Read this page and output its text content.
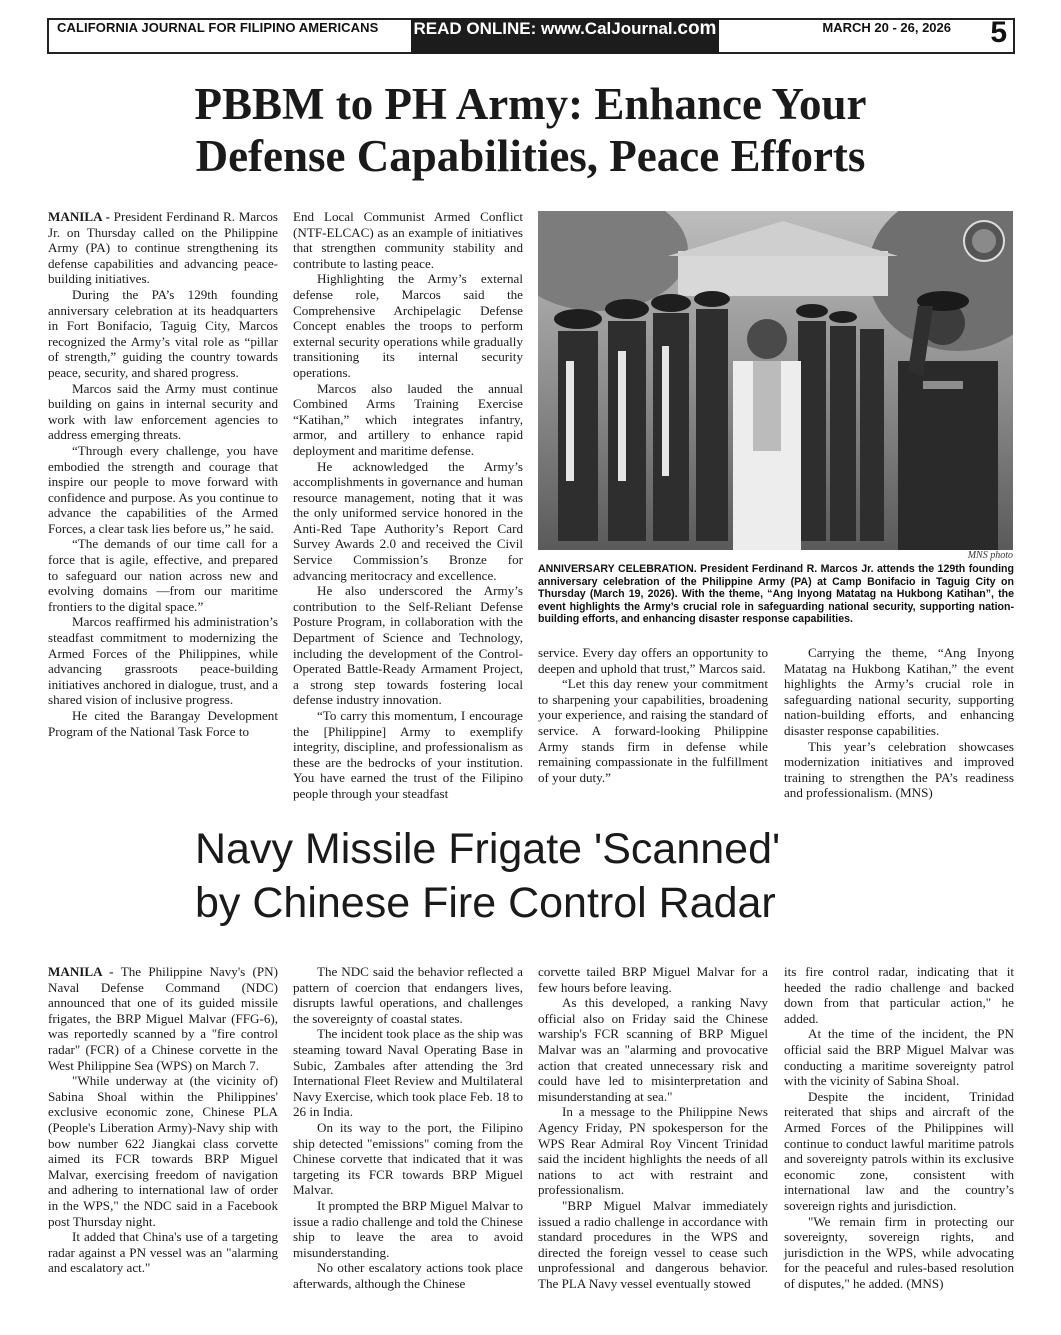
CALIFORNIA JOURNAL FOR FILIPINO AMERICANS READ ONLINE: www.CalJournal.com	MARCH 20 - 26, 2026 5
PBBM to PH Army: Enhance Your
Defense Capabilities, Peace Efforts

MANILA - President Ferdinand R. Marcos Jr. on Thursday called on the Philippine Army (PA) to continue strengthening its defense capabilities and advancing peace-building initiatives.

During the PA’s 129th founding anniversary celebration at its headquarters in Fort Bonifacio, Taguig City, Marcos recognized the Army’s vital role as “pillar of strength,” guiding the country towards peace, security, and shared progress.

Marcos said the Army must continue building on gains in internal security and work with law enforcement agencies to address emerging threats.

“Through every challenge, you have embodied the strength and courage that inspire our people to move forward with confidence and purpose. As you continue to advance the capabilities of the Armed Forces, a clear task lies before us,” he said.

“The demands of our time call for a force that is agile, effective, and prepared to safeguard our nation across new and evolving domains —from our maritime frontiers to the digital space.”

Marcos reaffirmed his administration’s steadfast commitment to modernizing the Armed Forces of the Philippines, while advancing grassroots peace-building initiatives anchored in dialogue, trust, and a shared vision of inclusive progress.

He cited the Barangay Development Program of the National Task Force to

End Local Communist Armed Conflict (NTF-ELCAC) as an example of initiatives that strengthen community stability and contribute to lasting peace.

Highlighting the Army’s external defense role, Marcos said the Comprehensive Archipelagic Defense Concept enables the troops to perform external security operations while gradually transitioning its internal security operations.

Marcos also lauded the annual Combined Arms Training Exercise “Katihan,” which integrates infantry, armor, and artillery to enhance rapid deployment and maritime defense.

He acknowledged the Army’s accomplishments in governance and human resource management, noting that it was the only uniformed service honored in the Anti-Red Tape Authority’s Report Card Survey Awards 2.0 and received the Civil Service Commission’s Bronze for advancing meritocracy and excellence.

He also underscored the Army’s contribution to the Self-Reliant Defense Posture Program, in collaboration with the Department of Science and Technology, including the development of the Control-Operated Battle-Ready Armament Project, a strong step towards fostering local defense industry innovation.

“To carry this momentum, I encourage the [Philippine] Army to exemplify integrity, discipline, and professionalism as these are the bedrocks of your institution. You have earned the trust of the Filipino people through your steadfast

MNS photo
ANNIVERSARY CELEBRATION. President Ferdinand R. Marcos Jr. attends the 129th founding anniversary celebration of the Philippine Army (PA) at Camp Bonifacio in Taguig City on Thursday (March 19, 2026). With the theme, “Ang Inyong Matatag na Hukbong Katihan”, the event highlights the Army’s crucial role in safeguarding national security, supporting nation-building efforts, and enhancing disaster response capabilities.

service. Every day offers an opportunity to deepen and uphold that trust,” Marcos said.

“Let this day renew your commitment to sharpening your capabilities, broadening your experience, and raising the standard of service. A forward-looking Philippine Army stands firm in defense while remaining compassionate in the fulfillment of your duty.”

Carrying the theme, “Ang Inyong Matatag na Hukbong Katihan,” the event highlights the Army’s crucial role in safeguarding national security, supporting nation-building efforts, and enhancing disaster response capabilities.

This year’s celebration showcases modernization initiatives and improved training to strengthen the PA’s readiness and professionalism. (MNS)

Navy Missile Frigate 'Scanned'
by Chinese Fire Control Radar

MANILA - The Philippine Navy's (PN) Naval Defense Command (NDC) announced that one of its guided missile frigates, the BRP Miguel Malvar (FFG-6), was reportedly scanned by a "fire control radar" (FCR) of a Chinese corvette in the West Philippine Sea (WPS) on March 7.

"While underway at (the vicinity of) Sabina Shoal within the Philippines' exclusive economic zone, Chinese PLA (People's Liberation Army)-Navy ship with bow number 622 Jiangkai class corvette aimed its FCR towards BRP Miguel Malvar, exercising freedom of navigation and adhering to international law of order in the WPS," the NDC said in a Facebook post Thursday night.

It added that China's use of a targeting radar against a PN vessel was an "alarming and escalatory act."

The NDC said the behavior reflected a pattern of coercion that endangers lives, disrupts lawful operations, and challenges the sovereignty of coastal states.

The incident took place as the ship was steaming toward Naval Operating Base in Subic, Zambales after attending the 3rd International Fleet Review and Multilateral Navy Exercise, which took place Feb. 18 to 26 in India.

On its way to the port, the Filipino ship detected "emissions" coming from the Chinese corvette that indicated that it was targeting its FCR towards BRP Miguel Malvar.

It prompted the BRP Miguel Malvar to issue a radio challenge and told the Chinese ship to leave the area to avoid misunderstanding.

No other escalatory actions took place afterwards, although the Chinese

corvette tailed BRP Miguel Malvar for a few hours before leaving.

As this developed, a ranking Navy official also on Friday said the Chinese warship's FCR scanning of BRP Miguel Malvar was an "alarming and provocative action that created unnecessary risk and could have led to misinterpretation and misunderstanding at sea."

In a message to the Philippine News Agency Friday, PN spokesperson for the WPS Rear Admiral Roy Vincent Trinidad said the incident highlights the needs of all nations to act with restraint and professionalism.

"BRP Miguel Malvar immediately issued a radio challenge in accordance with standard procedures in the WPS and directed the foreign vessel to cease such unprofessional and dangerous behavior. The PLA Navy vessel eventually stowed

its fire control radar, indicating that it heeded the radio challenge and backed down from that particular action," he added.

At the time of the incident, the PN official said the BRP Miguel Malvar was conducting a maritime sovereignty patrol with the vicinity of Sabina Shoal.

Despite the incident, Trinidad reiterated that ships and aircraft of the Armed Forces of the Philippines will continue to conduct lawful maritime patrols and sovereignty patrols within its exclusive economic zone, consistent with international law and the country’s sovereign rights and jurisdiction.

"We remain firm in protecting our sovereignty, sovereign rights, and jurisdiction in the WPS, while advocating for the peaceful and rules-based resolution of disputes," he added. (MNS)
